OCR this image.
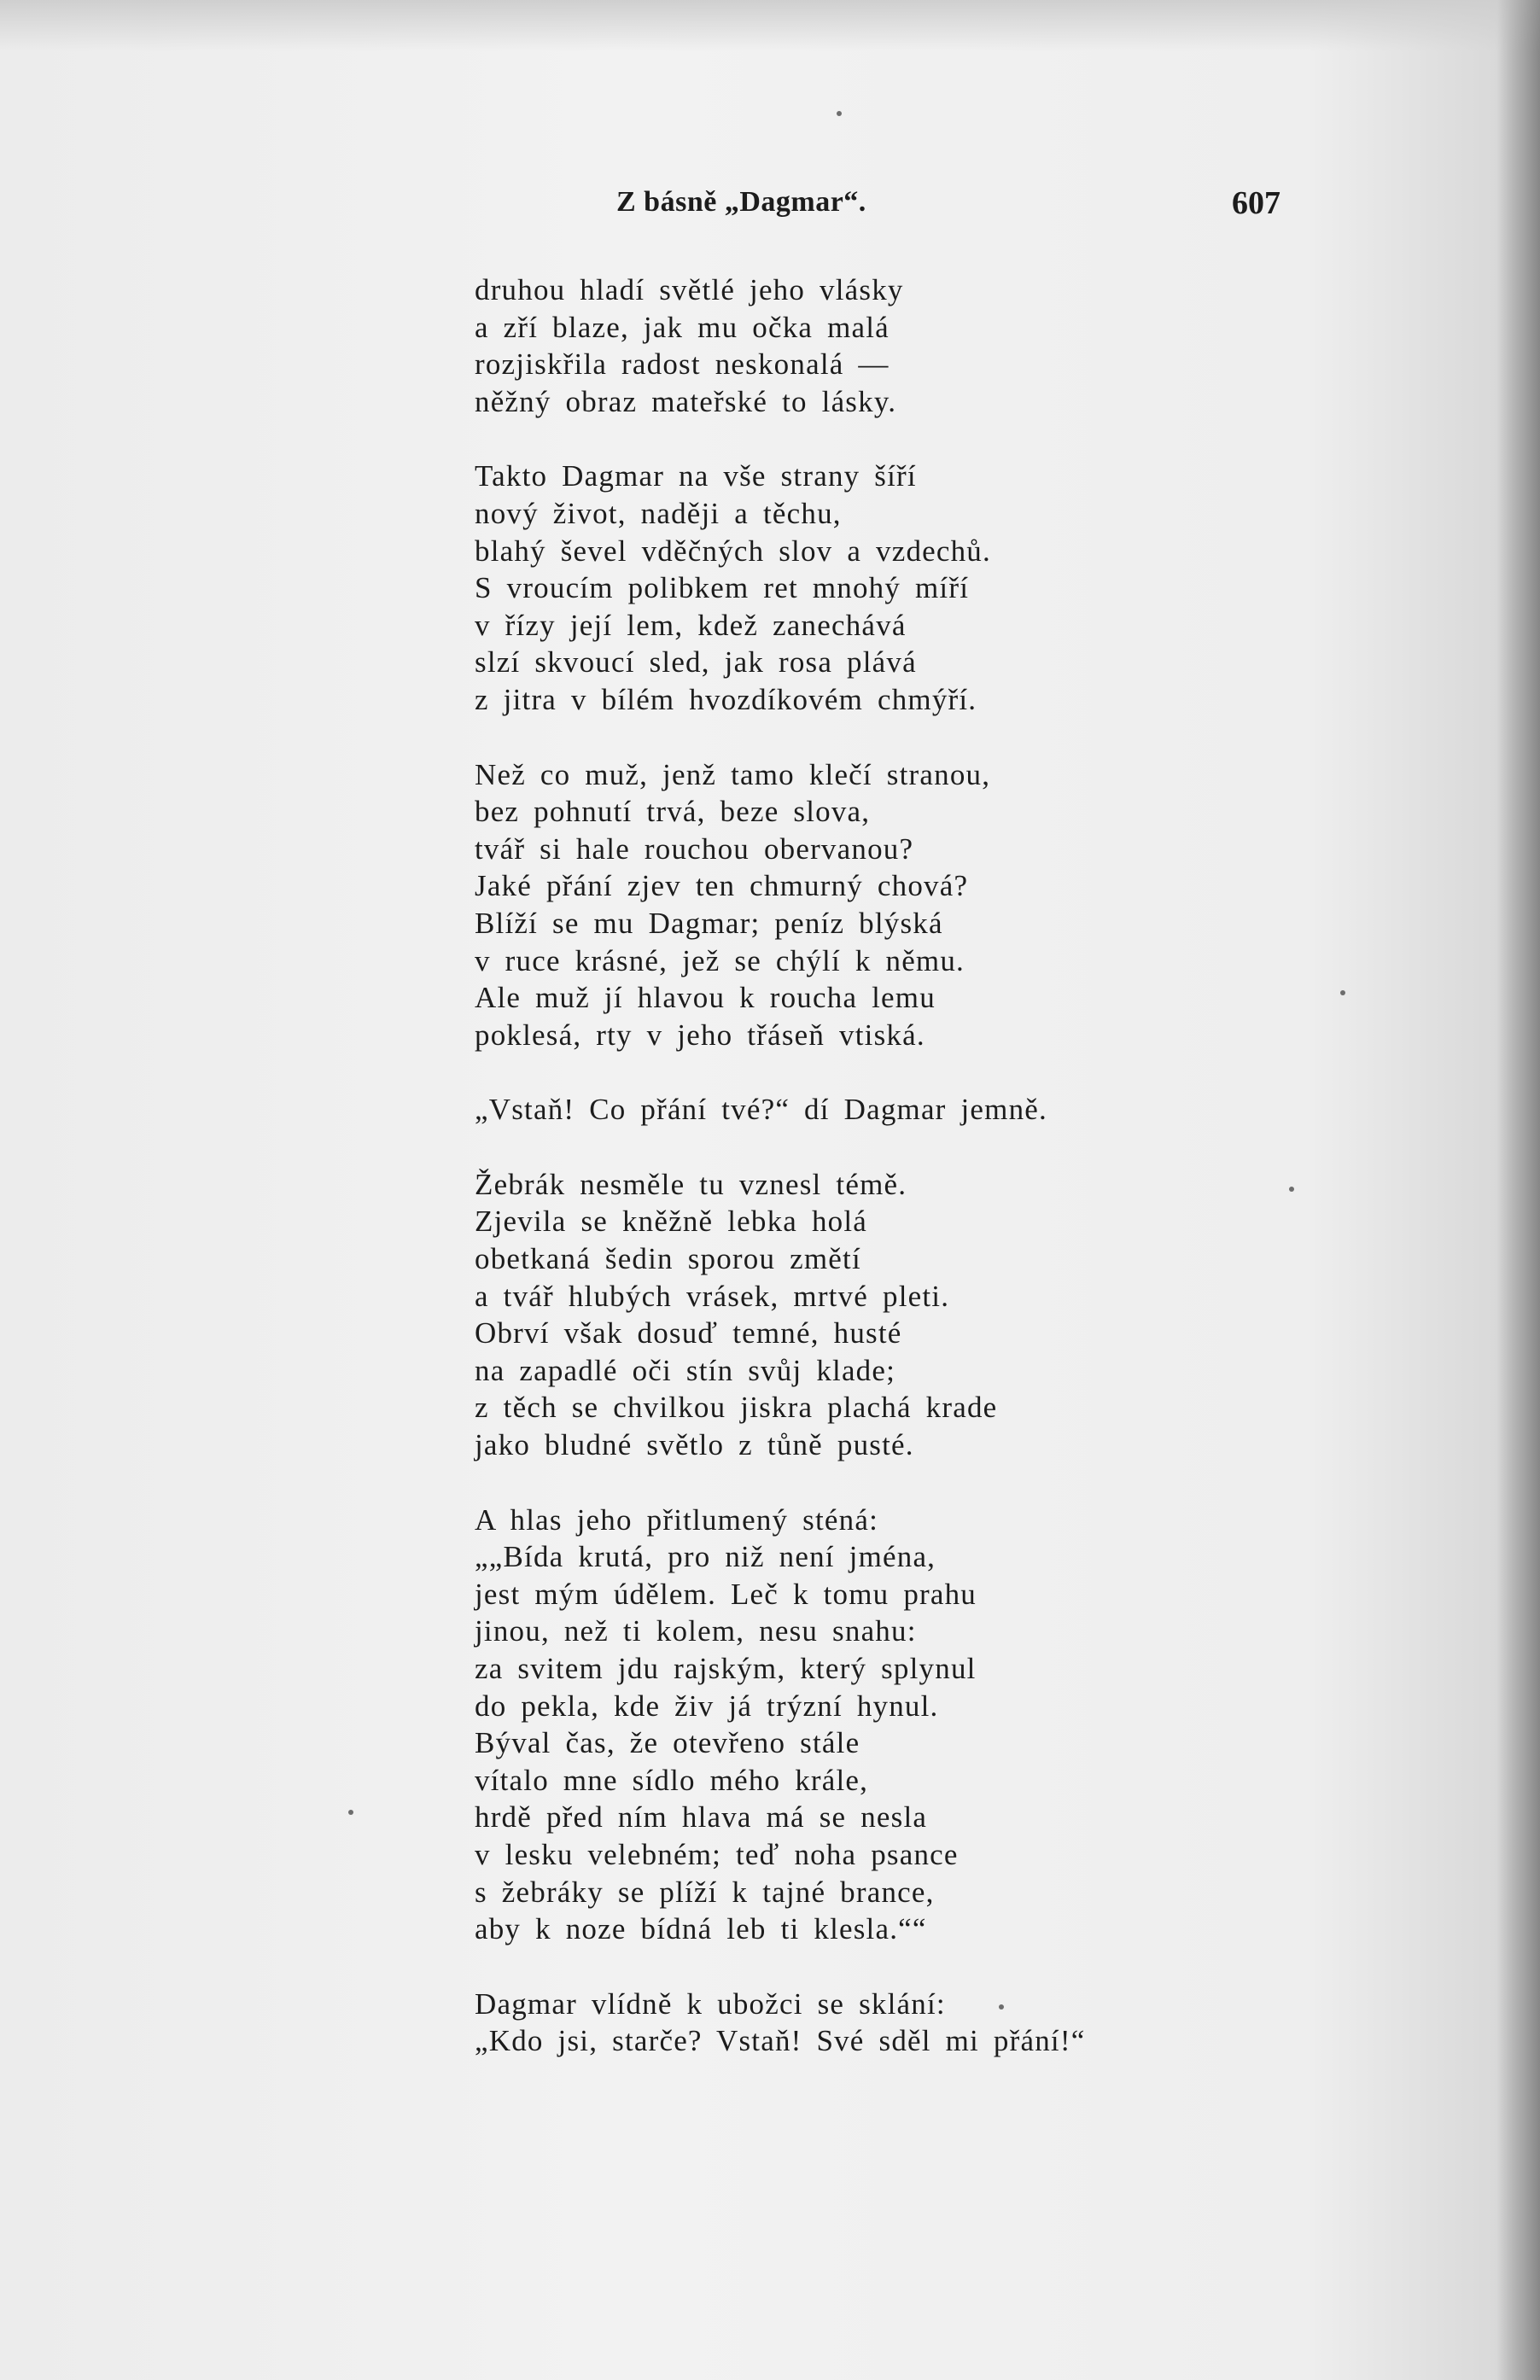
Z básně „Dagmar“.	607
druhou hladí světlé jeho vlásky
a zří blaze, jak mu očka malá
rozjiskřila radost neskonalá —
něžný obraz mateřské to lásky.
Takto Dagmar na vše strany šíří
nový život, naději a těchu,
blahý ševel vděčných slov a vzdechů.
S vroucím polibkem ret mnohý míří
v řízy její lem, kdež zanechává
slzí skvoucí sled, jak rosa plává
z jitra v bílém hvozdíkovém chmýří.
Než co muž, jenž tamo klečí stranou,
bez pohnutí trvá, beze slova,
tvář si hale rouchou obervanou?
Jaké přání zjev ten chmurný chová?
Blíží se mu Dagmar; peníz blýská
v ruce krásné, jež se chýlí k němu.
Ale muž jí hlavou k roucha lemu
poklesá, rty v jeho třáseň vtiská.
„Vstaň! Co přání tvé?“ dí Dagmar jemně.
Žebrák nesměle tu vznesl témě.
Zjevila se kněžně lebka holá
obetkaná šedin sporou změtí
a tvář hlubých vrásek, mrtvé pleti.
Obrví však dosuď temné, husté
na zapadlé oči stín svůj klade;
z těch se chvilkou jiskra plachá krade
jako bludné světlo z tůně pusté.
A hlas jeho přitlumený sténá:
„„Bída krutá, pro niž není jména,
jest mým údělem. Leč k tomu prahu
jinou, než ti kolem, nesu snahu:
za svitem jdu rajským, který splynul
do pekla, kde živ já trýzní hynul.
Býval čas, že otevřeno stále
vítalo mne sídlo mého krále,
hrdě před ním hlava má se nesla
v lesku velebném; teď noha psance
s žebráky se plíží k tajné brance,
aby k noze bídná leb ti klesla.““
Dagmar vlídně k ubožci se sklání:
„Kdo jsi, starče? Vstaň! Své sděl mi přání!“
